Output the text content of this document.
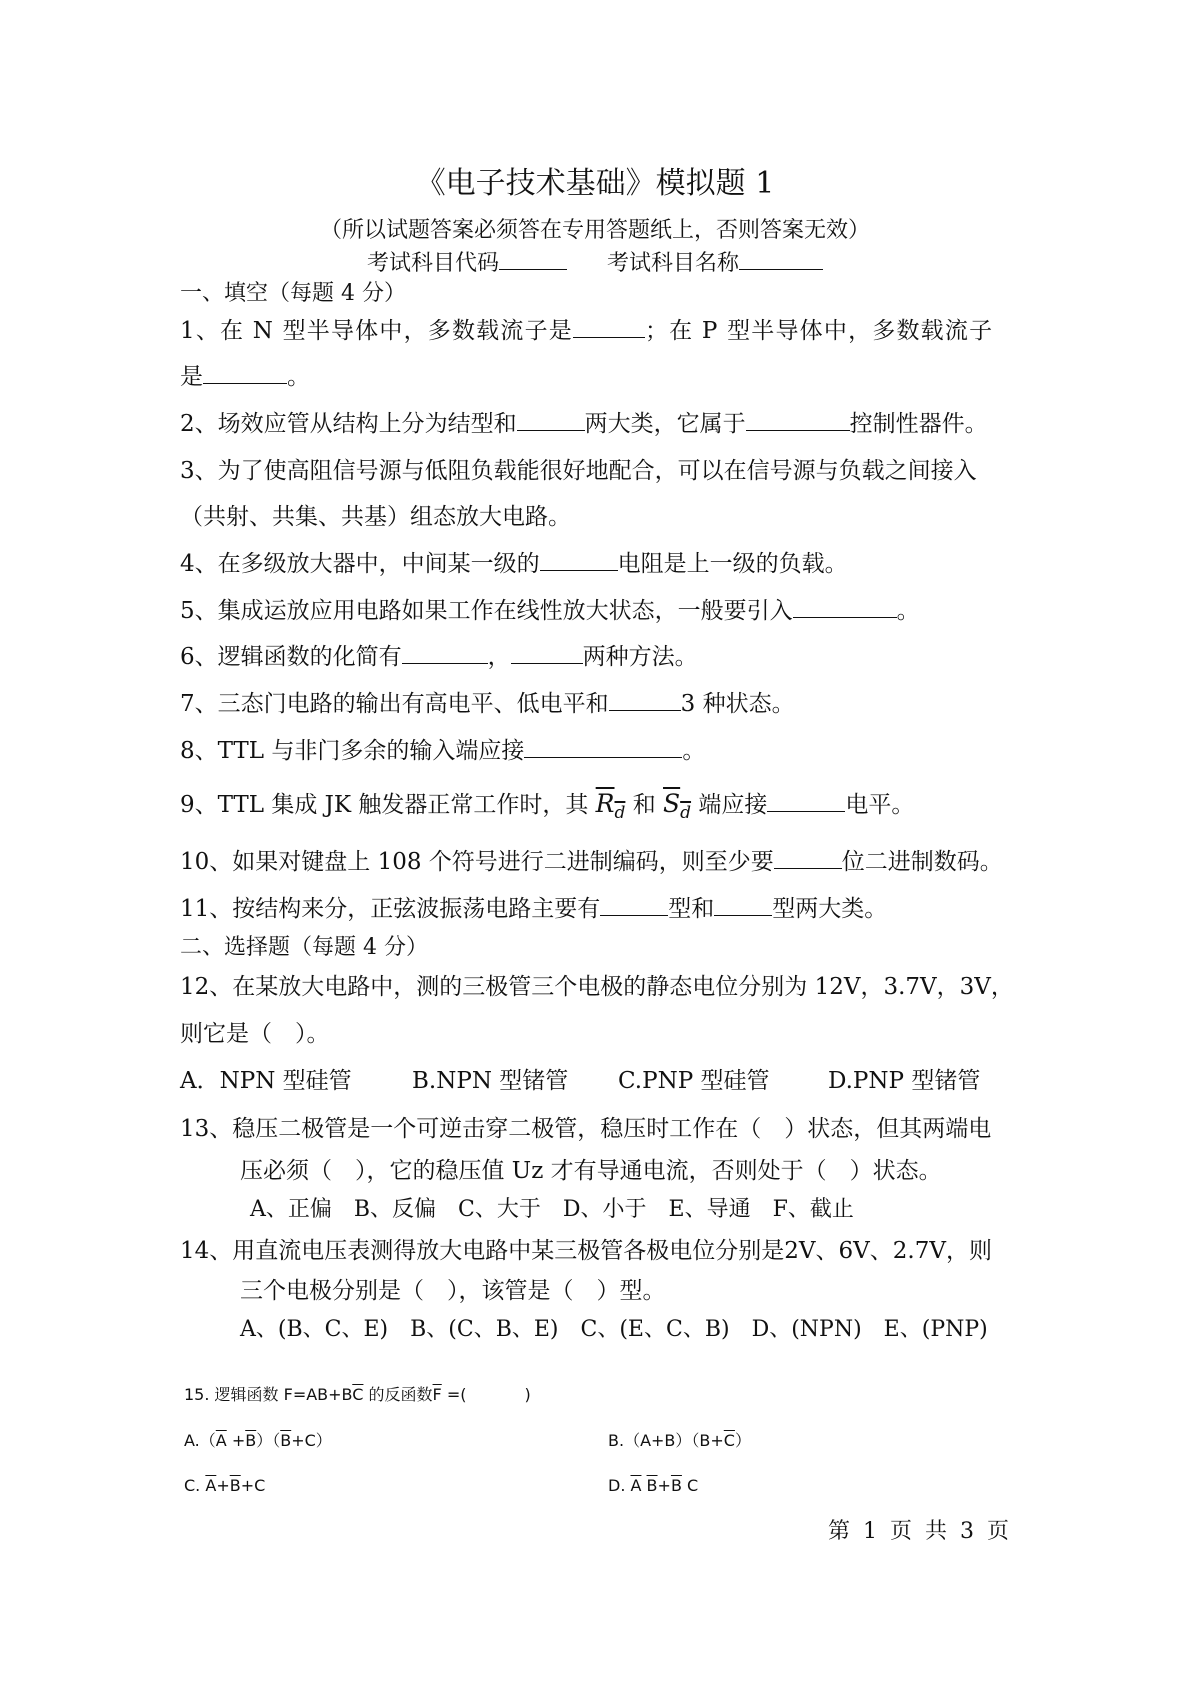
《电子技术基础》模拟题 1
（所以试题答案必须答在专用答题纸上，否则答案无效）
考试科目代码	考试科目名称
一、填空（每题 4 分）
1、在 N 型半导体中，多数载流子是	；在 P 型半导体中，多数载流子
是	。
2、场效应管从结构上分为结型和	两大类，它属于	控制性器件。
3、为了使高阻信号源与低阻负载能很好地配合，可以在信号源与负载之间接入
（共射、共集、共基）组态放大电路。
4、在多级放大器中，中间某一级的	电阻是上一级的负载。
5、集成运放应用电路如果工作在线性放大状态，一般要引入	。
6、逻辑函数的化简有	，	两种方法。
7、三态门电路的输出有高电平、低电平和	3 种状态。
8、TTL 与非门多余的输入端应接	。
9、TTL 集成 JK 触发器正常工作时，其 $R_d$ 和 $S_d$ 端应接	电平。
10、如果对键盘上 108 个符号进行二进制编码，则至少要	位二进制数码。
11、按结构来分，正弦波振荡电路主要有	型和	型两大类。
二、选择题（每题 4 分）
12、在某放大电路中，测的三极管三个电极的静态电位分别为 12V，3.7V，3V，
则它是（　）。
A．NPN 型硅管	B.NPN 型锗管 C.PNP 型硅管	D.PNP 型锗管
13、稳压二极管是一个可逆击穿二极管，稳压时工作在（　）状态，但其两端电
压必须（　），它的稳压值 Uz 才有导通电流，否则处于（　）状态。
A、正偏　B、反偏　C、大于　D、小于　E、导通　F、截止
14、用直流电压表测得放大电路中某三极管各极电位分别是2V、6V、2.7V，则
三个电极分别是（　），该管是（　）型。
A、(B、C、E)　B、(C、B、E)　C、(E、C、B)　D、(NPN)　E、(PNP)
15. 逻辑函数 $F=AB+B\overline{C}$ 的反函数$\overline{F}$ =(	)
$A.(\overline{A} +\overline{B})(\overline{B}+C)$	$B.(A+B)(B+\overline{C})$
C. $\overline{A}+\overline{B}+C$	D. $\overline{A}$ $\overline{B}+\overline{B}$ C
第 1 页 共 3 页
